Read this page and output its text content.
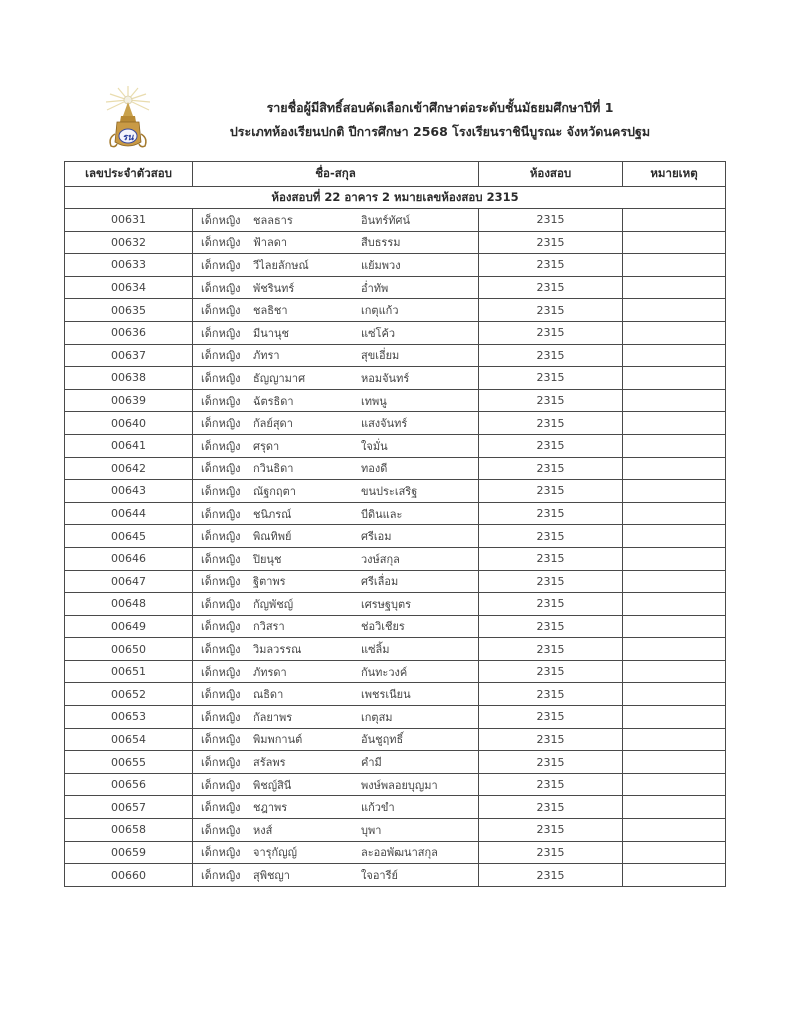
รน
รายชื่อผู้มีสิทธิ์สอบคัดเลือกเข้าศึกษาต่อระดับชั้นมัธยมศึกษาปีที่ 1
ประเภทห้องเรียนปกติ ปีการศึกษา 2568 โรงเรียนราชินีบูรณะ จังหวัดนครปฐม
เลขประจำตัวสอบ	ชื่อ-สกุล	ห้องสอบ	หมายเหตุ
ห้องสอบที่ 22 อาคาร 2 หมายเลขห้องสอบ 2315			
00631	เด็กหญิง ชลลธาร อินทร์ทัศน์	2315	
00632	เด็กหญิง ฟ้าลดา สืบธรรม	2315	
00633	เด็กหญิง วีไลยลักษณ์ แย้มพวง	2315	
00634	เด็กหญิง พัชรินทร์ อ่ำทัพ	2315	
00635	เด็กหญิง ชลธิชา เกตุแก้ว	2315	
00636	เด็กหญิง มีนานุช แซ่โค้ว	2315	
00637	เด็กหญิง ภัทรา สุขเอี่ยม	2315	
00638	เด็กหญิง ธัญญามาศ หอมจันทร์	2315	
00639	เด็กหญิง ฉัตรธิดา เทพนู	2315	
00640	เด็กหญิง กัลย์สุดา แสงจันทร์	2315	
00641	เด็กหญิง ศรุดา ใจมั่น	2315	
00642	เด็กหญิง กวินธิดา ทองดี	2315	
00643	เด็กหญิง ณัฐกฤตา ขนประเสริฐ	2315	
00644	เด็กหญิง ชนิภรณ์ บีดินและ	2315	
00645	เด็กหญิง พิณทิพย์ ศรีเอม	2315	
00646	เด็กหญิง ปิยนุช วงษ์สกุล	2315	
00647	เด็กหญิง ฐิตาพร ศรีเลื่อม	2315	
00648	เด็กหญิง กัญพัชญ์ เศรษฐบุตร	2315	
00649	เด็กหญิง กวิสรา ช่อวิเชียร	2315	
00650	เด็กหญิง วิมลวรรณ แซ่ลิ้ม	2315	
00651	เด็กหญิง ภัทรดา กันทะวงค์	2315	
00652	เด็กหญิง ณธิดา เพชรเนียน	2315	
00653	เด็กหญิง กัลยาพร เกตุสม	2315	
00654	เด็กหญิง พิมพกานต์ อันชูฤทธิ์	2315	
00655	เด็กหญิง สรัลพร คำมี	2315	
00656	เด็กหญิง พิชญ์สินี พงษ์พลอยบุญมา	2315	
00657	เด็กหญิง ชฎาพร แก้วขำ	2315	
00658	เด็กหญิง หงส์ บุพา	2315	
00659	เด็กหญิง จารุกัญญ์ ละออพัฒนาสกุล	2315	
00660	เด็กหญิง สุพิชญา ใจอารีย์	2315	
